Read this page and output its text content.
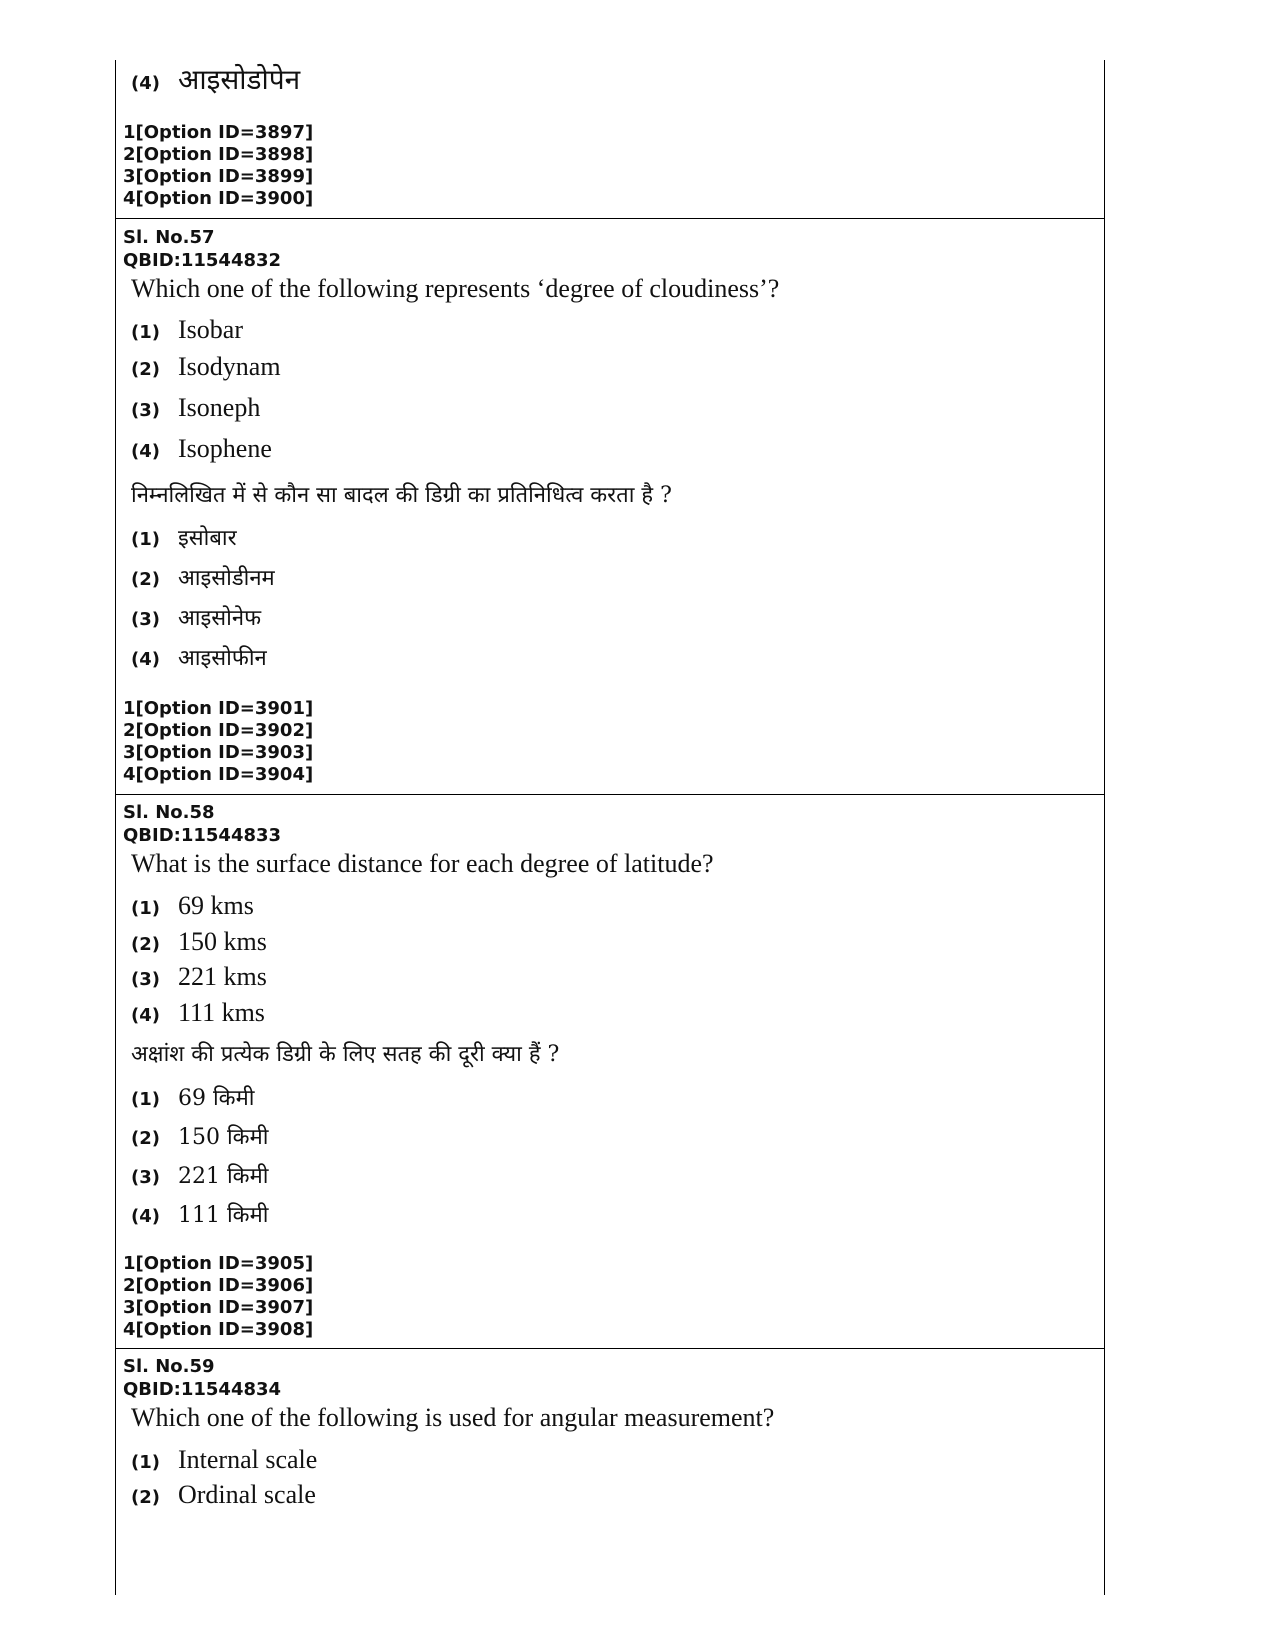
(4) आइसोडोपेन
1[Option ID=3897]
2[Option ID=3898]
3[Option ID=3899]
4[Option ID=3900]
Sl. No.57
QBID:11544832
Which one of the following represents ‘degree of cloudiness’?
(1) Isobar
(2) Isodynam
(3) Isoneph
(4) Isophene
निम्नलिखित में से कौन सा बादल की डिग्री का प्रतिनिधित्व करता है ?
(1) इसोबार
(2) आइसोडीनम
(3) आइसोनेफ
(4) आइसोफीन
1[Option ID=3901]
2[Option ID=3902]
3[Option ID=3903]
4[Option ID=3904]
Sl. No.58
QBID:11544833
What is the surface distance for each degree of latitude?
(1) 69 kms
(2) 150 kms
(3) 221 kms
(4) 111 kms
अक्षांश की प्रत्येक डिग्री के लिए सतह की दूरी क्या हैं ?
(1) 69 किमी
(2) 150 किमी
(3) 221 किमी
(4) 111 किमी
1[Option ID=3905]
2[Option ID=3906]
3[Option ID=3907]
4[Option ID=3908]
Sl. No.59
QBID:11544834
Which one of the following is used for angular measurement?
(1) Internal scale
(2) Ordinal scale
